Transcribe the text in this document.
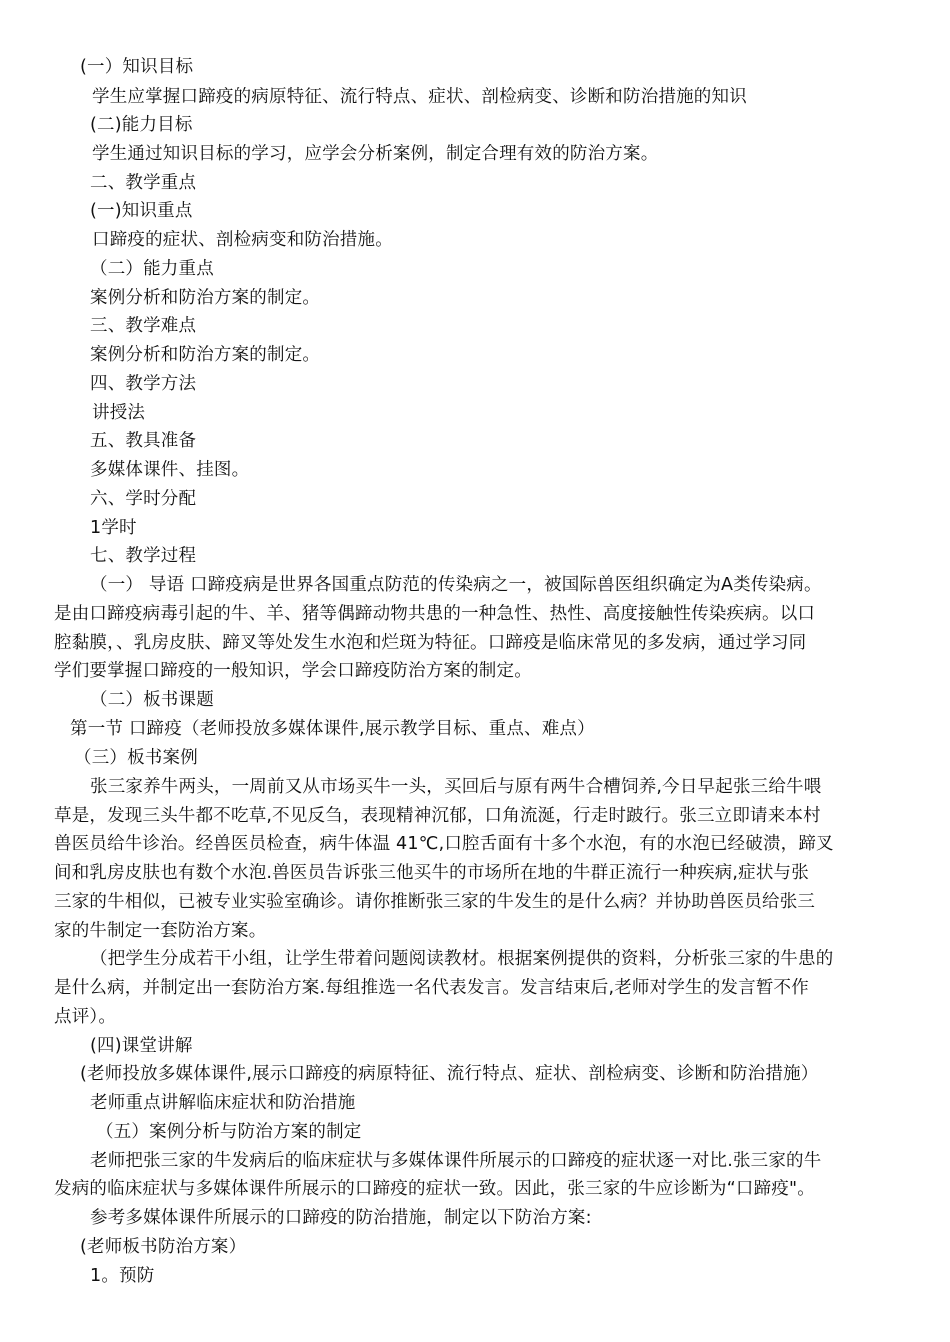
(一）知识目标

学生应掌握口蹄疫的病原特征、流行特点、症状、剖检病变、诊断和防治措施的知识

(二)能力目标

学生通过知识目标的学习，应学会分析案例，制定合理有效的防治方案。

二、教学重点

(一)知识重点

口蹄疫的症状、剖检病变和防治措施。

（二）能力重点

案例分析和防治方案的制定。

三、教学难点

案例分析和防治方案的制定。

四、教学方法

讲授法

五、教具准备

多媒体课件、挂图。

六、学时分配

1学时

七、教学过程

（一） 导语 口蹄疫病是世界各国重点防范的传染病之一，被国际兽医组织确定为A类传染病。

是由口蹄疫病毒引起的牛、羊、猪等偶蹄动物共患的一种急性、热性、高度接触性传染疾病。以口

腔黏膜，、乳房皮肤、蹄叉等处发生水泡和烂斑为特征。口蹄疫是临床常见的多发病，通过学习同

学们要掌握口蹄疫的一般知识，学会口蹄疫防治方案的制定。

（二）板书课题

第一节 口蹄疫（老师投放多媒体课件,展示教学目标、重点、难点）

（三）板书案例

张三家养牛两头，一周前又从市场买牛一头，买回后与原有两牛合槽饲养,今日早起张三给牛喂

草是，发现三头牛都不吃草,不见反刍，表现精神沉郁，口角流涎，行走时跛行。张三立即请来本村

兽医员给牛诊治。经兽医员检查，病牛体温 41℃,口腔舌面有十多个水泡，有的水泡已经破溃，蹄叉

间和乳房皮肤也有数个水泡.兽医员告诉张三他买牛的市场所在地的牛群正流行一种疾病,症状与张

三家的牛相似，已被专业实验室确诊。请你推断张三家的牛发生的是什么病？并协助兽医员给张三

家的牛制定一套防治方案。

（把学生分成若干小组，让学生带着问题阅读教材。根据案例提供的资料，分析张三家的牛患的

是什么病，并制定出一套防治方案.每组推选一名代表发言。发言结束后,老师对学生的发言暂不作

点评）。

(四)课堂讲解

(老师投放多媒体课件,展示口蹄疫的病原特征、流行特点、症状、剖检病变、诊断和防治措施）

老师重点讲解临床症状和防治措施

（五）案例分析与防治方案的制定

老师把张三家的牛发病后的临床症状与多媒体课件所展示的口蹄疫的症状逐一对比.张三家的牛

发病的临床症状与多媒体课件所展示的口蹄疫的症状一致。因此，张三家的牛应诊断为“口蹄疫"。

参考多媒体课件所展示的口蹄疫的防治措施，制定以下防治方案:

(老师板书防治方案）

1。预防
